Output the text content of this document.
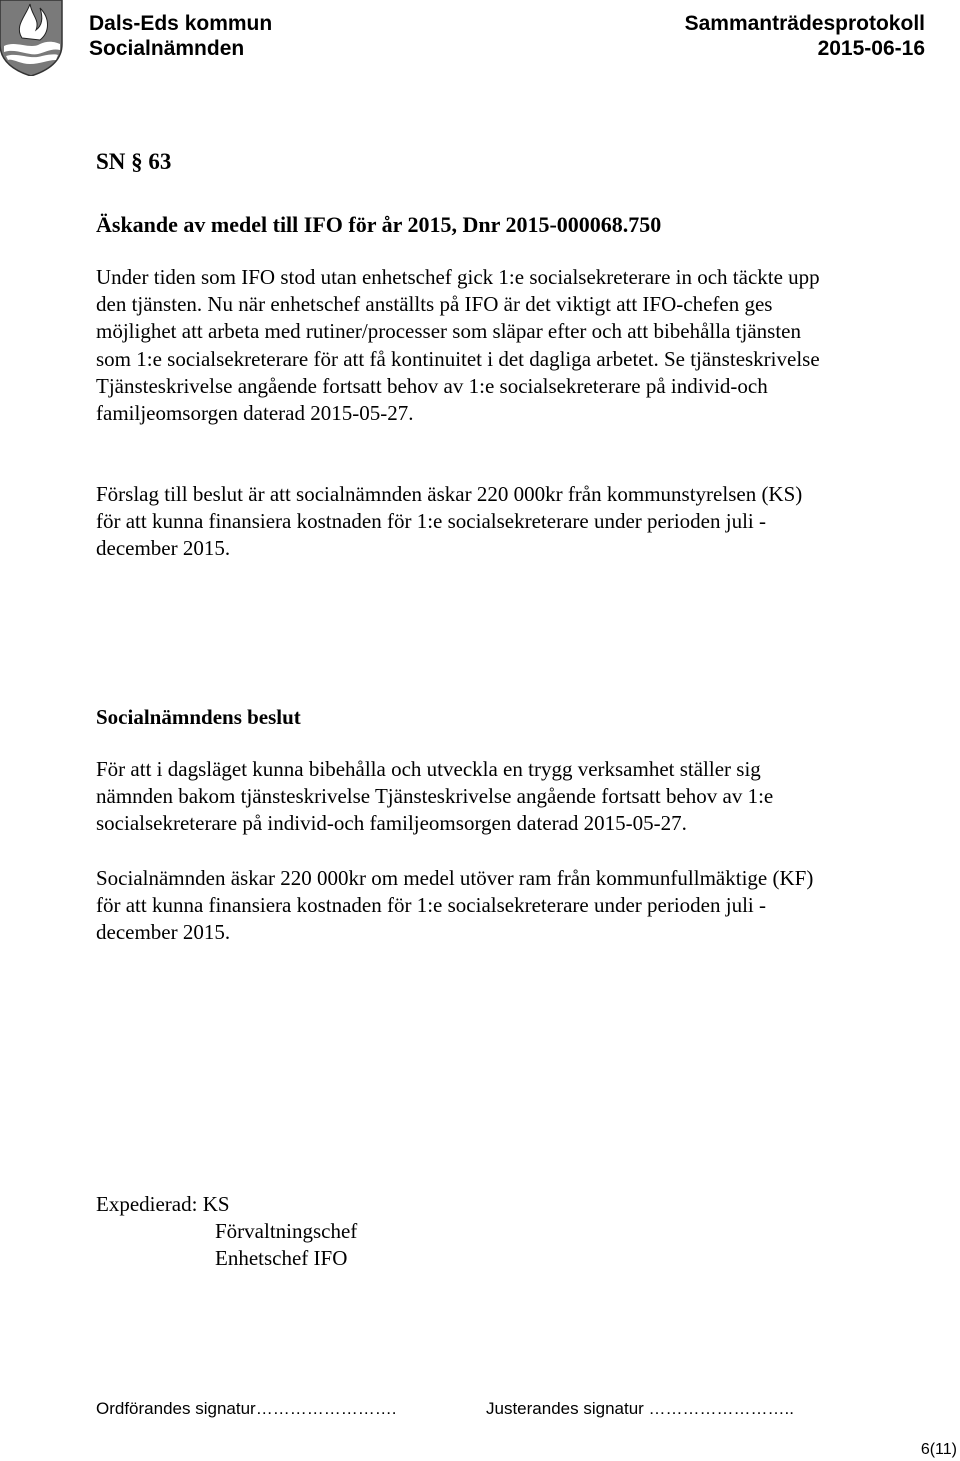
Dals-Eds kommun
Socialnämnden
Sammanträdesprotokoll
2015-06-16
SN § 63
Äskande av medel till IFO för år 2015, Dnr 2015-000068.750
Under tiden som IFO stod utan enhetschef gick 1:e socialsekreterare in och täckte upp
den tjänsten. Nu när enhetschef anställts på IFO är det viktigt att IFO-chefen ges
möjlighet att arbeta med rutiner/processer som släpar efter och att bibehålla tjänsten
som 1:e socialsekreterare för att få kontinuitet i det dagliga arbetet. Se tjänsteskrivelse
Tjänsteskrivelse angående fortsatt behov av 1:e socialsekreterare på individ-och
familjeomsorgen daterad 2015-05-27.
Förslag till beslut är att socialnämnden äskar 220 000kr från kommunstyrelsen (KS)
för att kunna finansiera kostnaden för 1:e socialsekreterare under perioden juli -
december 2015.
Socialnämndens beslut
För att i dagsläget kunna bibehålla och utveckla en trygg verksamhet ställer sig
nämnden bakom tjänsteskrivelse Tjänsteskrivelse angående fortsatt behov av 1:e
socialsekreterare på individ-och familjeomsorgen daterad 2015-05-27.
Socialnämnden äskar 220 000kr om medel utöver ram från kommunfullmäktige (KF)
för att kunna finansiera kostnaden för 1:e socialsekreterare under perioden juli -
december 2015.
Expedierad: KS
Förvaltningschef
Enhetschef IFO
Ordförandes signatur…………………….	Justerandes signatur ……………………..
6(11)
